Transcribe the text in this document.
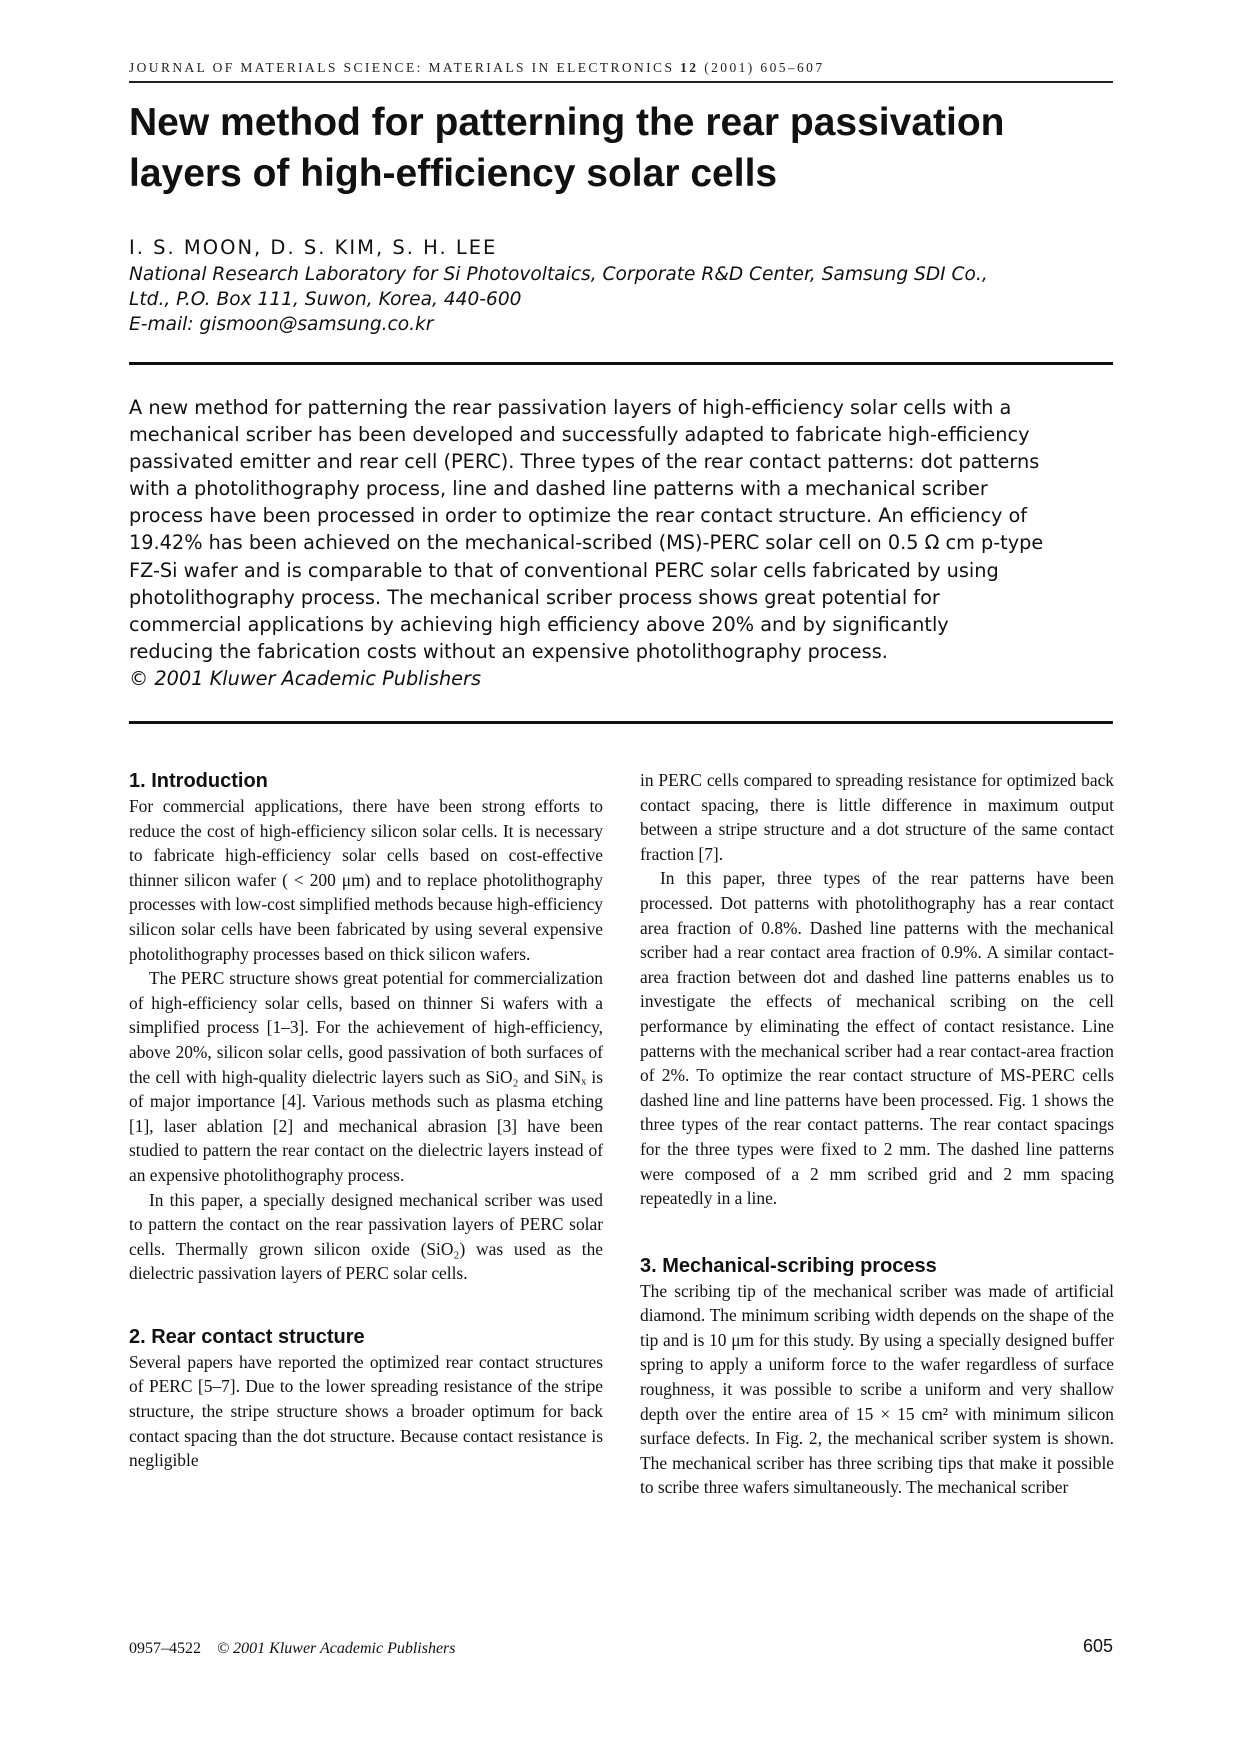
JOURNAL OF MATERIALS SCIENCE: MATERIALS IN ELECTRONICS 12 (2001) 605–607
New method for patterning the rear passivation
layers of high-efficiency solar cells
I. S. MOON, D. S. KIM, S. H. LEE
National Research Laboratory for Si Photovoltaics, Corporate R&D Center, Samsung SDI Co.,
Ltd., P.O. Box 111, Suwon, Korea, 440-600
E-mail: gismoon@samsung.co.kr
A new method for patterning the rear passivation layers of high-efficiency solar cells with a
mechanical scriber has been developed and successfully adapted to fabricate high-efficiency
passivated emitter and rear cell (PERC). Three types of the rear contact patterns: dot patterns
with a photolithography process, line and dashed line patterns with a mechanical scriber
process have been processed in order to optimize the rear contact structure. An efficiency of
19.42% has been achieved on the mechanical-scribed (MS)-PERC solar cell on 0.5 Ω cm p-type
FZ-Si wafer and is comparable to that of conventional PERC solar cells fabricated by using
photolithography process. The mechanical scriber process shows great potential for
commercial applications by achieving high efficiency above 20% and by significantly
reducing the fabrication costs without an expensive photolithography process.
© 2001 Kluwer Academic Publishers
1. Introduction

For commercial applications, there have been strong efforts to reduce the cost of high-efficiency silicon solar cells. It is necessary to fabricate high-efficiency solar cells based on cost-effective thinner silicon wafer ( < 200 μm) and to replace photolithography processes with low-cost simplified methods because high-efficiency silicon solar cells have been fabricated by using several expensive photolithography processes based on thick silicon wafers.

The PERC structure shows great potential for commercialization of high-efficiency solar cells, based on thinner Si wafers with a simplified process [1–3]. For the achievement of high-efficiency, above 20%, silicon solar cells, good passivation of both surfaces of the cell with high-quality dielectric layers such as SiO₂ and SiNₓ is of major importance [4]. Various methods such as plasma etching [1], laser ablation [2] and mechanical abrasion [3] have been studied to pattern the rear contact on the dielectric layers instead of an expensive photolithography process.

In this paper, a specially designed mechanical scriber was used to pattern the contact on the rear passivation layers of PERC solar cells. Thermally grown silicon oxide (SiO₂) was used as the dielectric passivation layers of PERC solar cells.

2. Rear contact structure

Several papers have reported the optimized rear contact structures of PERC [5–7]. Due to the lower spreading resistance of the stripe structure, the stripe structure shows a broader optimum for back contact spacing than the dot structure. Because contact resistance is negligible

in PERC cells compared to spreading resistance for optimized back contact spacing, there is little difference in maximum output between a stripe structure and a dot structure of the same contact fraction [7].

In this paper, three types of the rear patterns have been processed. Dot patterns with photolithography has a rear contact area fraction of 0.8%. Dashed line patterns with the mechanical scriber had a rear contact area fraction of 0.9%. A similar contact-area fraction between dot and dashed line patterns enables us to investigate the effects of mechanical scribing on the cell performance by eliminating the effect of contact resistance. Line patterns with the mechanical scriber had a rear contact-area fraction of 2%. To optimize the rear contact structure of MS-PERC cells dashed line and line patterns have been processed. Fig. 1 shows the three types of the rear contact patterns. The rear contact spacings for the three types were fixed to 2 mm. The dashed line patterns were composed of a 2 mm scribed grid and 2 mm spacing repeatedly in a line.

3. Mechanical-scribing process

The scribing tip of the mechanical scriber was made of artificial diamond. The minimum scribing width depends on the shape of the tip and is 10 μm for this study. By using a specially designed buffer spring to apply a uniform force to the wafer regardless of surface roughness, it was possible to scribe a uniform and very shallow depth over the entire area of 15 × 15 cm² with minimum silicon surface defects. In Fig. 2, the mechanical scriber system is shown. The mechanical scriber has three scribing tips that make it possible to scribe three wafers simultaneously. The mechanical scriber

0957–4522 © 2001 Kluwer Academic Publishers	605
